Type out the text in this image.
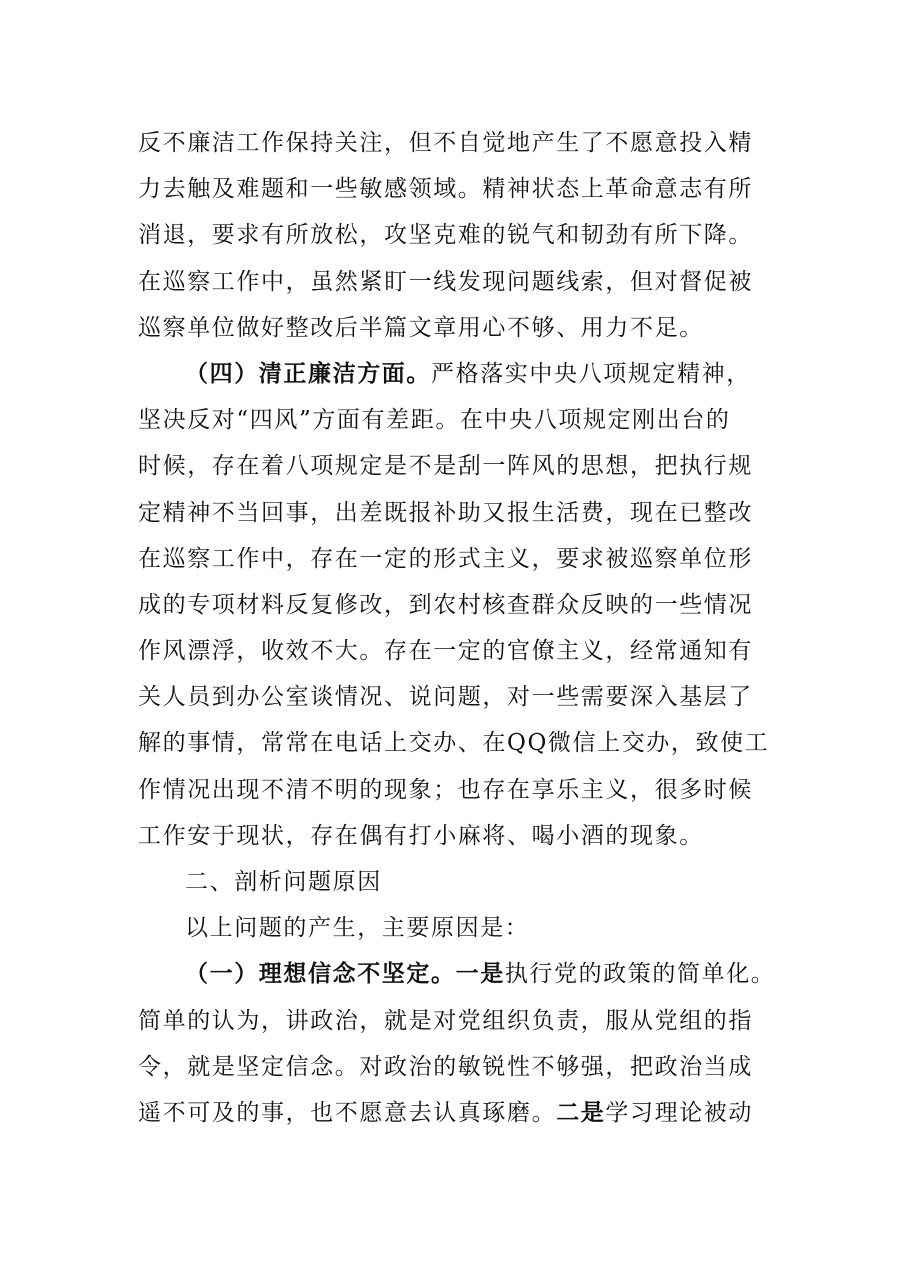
反不廉洁工作保持关注，但不自觉地产生了不愿意投入精
力去触及难题和一些敏感领域。精神状态上革命意志有所
消退，要求有所放松，攻坚克难的锐气和韧劲有所下降。
在巡察工作中，虽然紧盯一线发现问题线索，但对督促被
巡察单位做好整改后半篇文章用心不够、用力不足。
（四）清正廉洁方面。严格落实中央八项规定精神，
坚决反对“四风”方面有差距。在中央八项规定刚出台的
时候，存在着八项规定是不是刮一阵风的思想，把执行规
定精神不当回事，出差既报补助又报生活费，现在已整改
在巡察工作中，存在一定的形式主义，要求被巡察单位形
成的专项材料反复修改，到农村核查群众反映的一些情况
作风漂浮，收效不大。存在一定的官僚主义，经常通知有
关人员到办公室谈情况、说问题，对一些需要深入基层了
解的事情，常常在电话上交办、在QQ微信上交办，致使工
作情况出现不清不明的现象；也存在享乐主义，很多时候
工作安于现状，存在偶有打小麻将、喝小酒的现象。
二、剖析问题原因
以上问题的产生，主要原因是：
（一）理想信念不坚定。一是执行党的政策的简单化。
简单的认为，讲政治，就是对党组织负责，服从党组的指
令，就是坚定信念。对政治的敏锐性不够强，把政治当成
遥不可及的事，也不愿意去认真琢磨。二是学习理论被动
